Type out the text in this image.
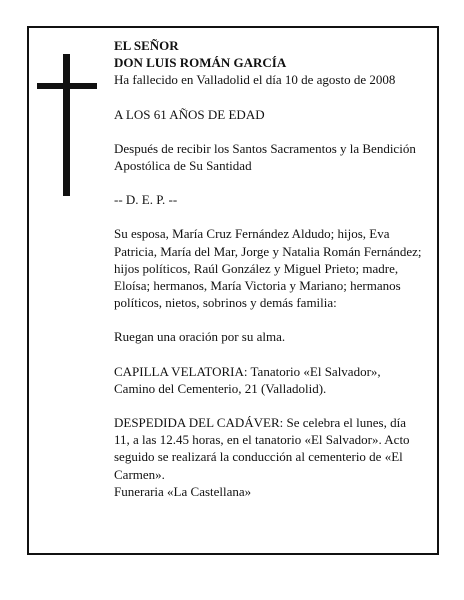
EL SEÑOR

DON LUIS ROMÁN GARCÍA

Ha fallecido en Valladolid el día 10 de agosto de 2008

A LOS 61 AÑOS DE EDAD

Después de recibir los Santos Sacramentos y la Bendición Apostólica de Su Santidad

-- D. E. P. --

Su esposa, María Cruz Fernández Aldudo; hijos, Eva Patricia, María del Mar, Jorge y Natalia Román Fernández; hijos políticos, Raúl González y Miguel Prieto; madre, Eloísa; hermanos, María Victoria y Mariano; hermanos políticos, nietos, sobrinos y demás familia:

Ruegan una oración por su alma.

CAPILLA VELATORIA: Tanatorio «El Salvador», Camino del Cementerio, 21 (Valladolid).

DESPEDIDA DEL CADÁVER: Se celebra el lunes, día 11, a las 12.45 horas, en el tanatorio «El Salvador». Acto seguido se realizará la conducción al cementerio de «El Carmen».

Funeraria «La Castellana»
